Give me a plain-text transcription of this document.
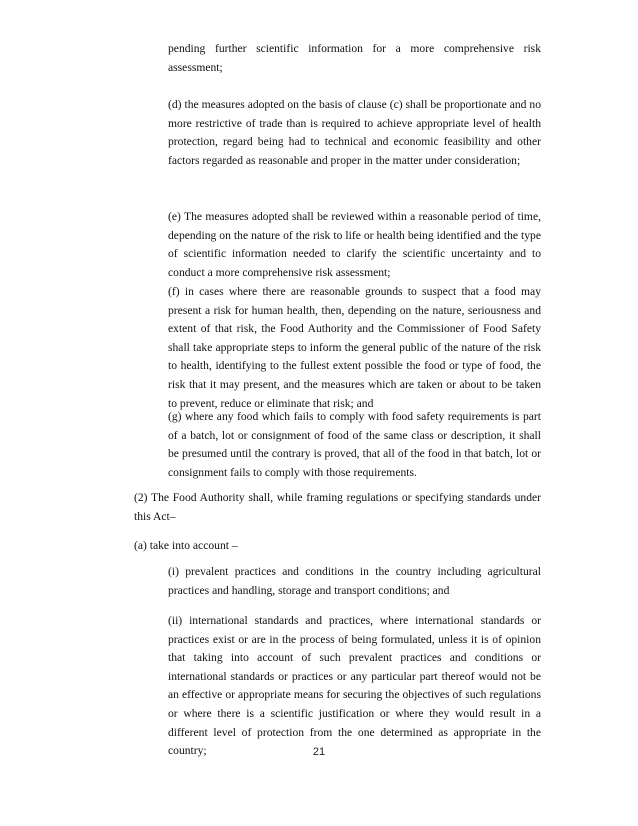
pending further scientific information for a more comprehensive risk assessment;

(d) the measures adopted on the basis of clause (c) shall be proportionate and no more restrictive of trade than is required to achieve appropriate level of health protection, regard being had to technical and economic feasibility and other factors regarded as reasonable and proper in the matter under consideration;

(e) The measures adopted shall be reviewed within a reasonable period of time, depending on the nature of the risk to life or health being identified and the type of scientific information needed to clarify the scientific uncertainty and to conduct a more comprehensive risk assessment;

(f) in cases where there are reasonable grounds to suspect that a food may present a risk for human health, then, depending on the nature, seriousness and extent of that risk, the Food Authority and the Commissioner of Food Safety shall take appropriate steps to inform the general public of the nature of the risk to health, identifying to the fullest extent possible the food or type of food, the risk that it may present, and the measures which are taken or about to be taken to prevent, reduce or eliminate that risk; and

(g) where any food which fails to comply with food safety requirements is part of a batch, lot or consignment of food of the same class or description, it shall be presumed until the contrary is proved, that all of the food in that batch, lot or consignment fails to comply with those requirements.

(2) The Food Authority shall, while framing regulations or specifying standards under this Act–

(a) take into account –

(i) prevalent practices and conditions in the country including agricultural practices and handling, storage and transport conditions; and

(ii) international standards and practices, where international standards or practices exist or are in the process of being formulated, unless it is of opinion that taking into account of such prevalent practices and conditions or international standards or practices or any particular part thereof would not be an effective or appropriate means for securing the objectives of such regulations or where there is a scientific justification or where they would result in a different level of protection from the one determined as appropriate in the country;	21
